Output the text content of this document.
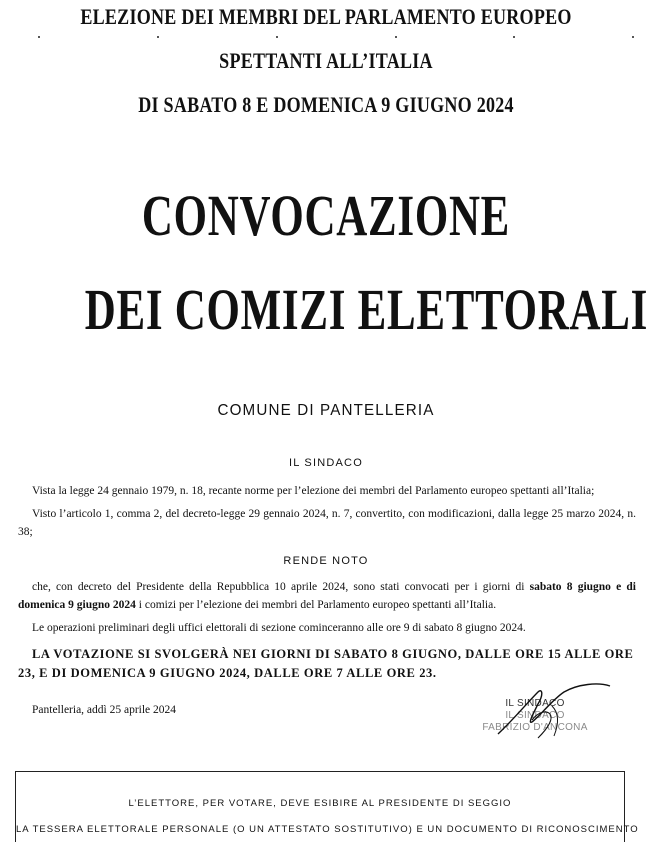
ELEZIONE DEI MEMBRI DEL PARLAMENTO EUROPEO
SPETTANTI ALL’ITALIA
DI SABATO 8 E DOMENICA 9 GIUGNO 2024
CONVOCAZIONE
DEI COMIZI ELETTORALI
COMUNE DI PANTELLERIA
IL SINDACO
Vista la legge 24 gennaio 1979, n. 18, recante norme per l’elezione dei membri del Parlamento europeo spettanti all’Italia;
Visto l’articolo 1, comma 2, del decreto-legge 29 gennaio 2024, n. 7, convertito, con modificazioni, dalla legge 25 marzo 2024, n. 38;
RENDE NOTO
che, con decreto del Presidente della Repubblica 10 aprile 2024, sono stati convocati per i giorni di sabato 8 giugno e di domenica 9 giugno 2024 i comizi per l’elezione dei membri del Parlamento europeo spettanti all’Italia.
Le operazioni preliminari degli uffici elettorali di sezione cominceranno alle ore 9 di sabato 8 giugno 2024.
LA VOTAZIONE SI SVOLGERÀ NEI GIORNI DI SABATO 8 GIUGNO, DALLE ORE 15 ALLE ORE 23, E DI DOMENICA 9 GIUGNO 2024, DALLE ORE 7 ALLE ORE 23.
Pantelleria, addì 25 aprile 2024
IL SINDACO
IL SINDACO
FABRIZIO D'ANCONA
L’ELETTORE, PER VOTARE, DEVE ESIBIRE AL PRESIDENTE DI SEGGIO
LA TESSERA ELETTORALE PERSONALE (O UN ATTESTATO SOSTITUTIVO) E UN DOCUMENTO DI RICONOSCIMENTO
